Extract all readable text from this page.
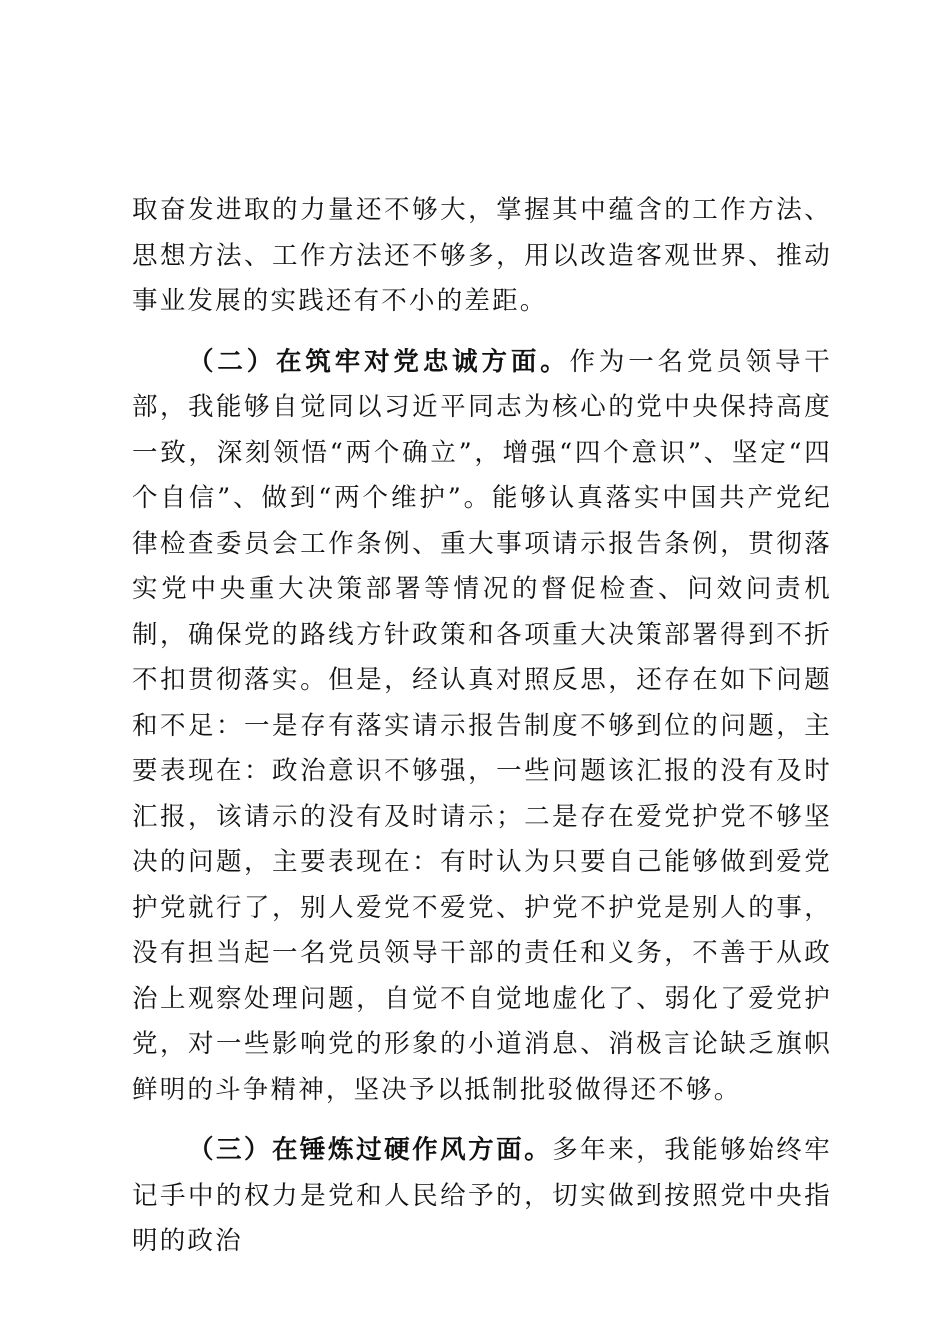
取奋发进取的力量还不够大，掌握其中蕴含的工作方法、思想方法、工作方法还不够多，用以改造客观世界、推动事业发展的实践还有不小的差距。

（二）在筑牢对党忠诚方面。作为一名党员领导干部，我能够自觉同以习近平同志为核心的党中央保持高度一致，深刻领悟“两个确立”，增强“四个意识”、坚定“四个自信”、做到“两个维护”。能够认真落实中国共产党纪律检查委员会工作条例、重大事项请示报告条例，贯彻落实党中央重大决策部署等情况的督促检查、问效问责机制，确保党的路线方针政策和各项重大决策部署得到不折不扣贯彻落实。但是，经认真对照反思，还存在如下问题和不足：一是存有落实请示报告制度不够到位的问题，主要表现在：政治意识不够强，一些问题该汇报的没有及时汇报，该请示的没有及时请示；二是存在爱党护党不够坚决的问题，主要表现在：有时认为只要自己能够做到爱党护党就行了，别人爱党不爱党、护党不护党是别人的事，没有担当起一名党员领导干部的责任和义务，不善于从政治上观察处理问题，自觉不自觉地虚化了、弱化了爱党护党，对一些影响党的形象的小道消息、消极言论缺乏旗帜鲜明的斗争精神，坚决予以抵制批驳做得还不够。

（三）在锤炼过硬作风方面。多年来，我能够始终牢记手中的权力是党和人民给予的，切实做到按照党中央指明的政治
